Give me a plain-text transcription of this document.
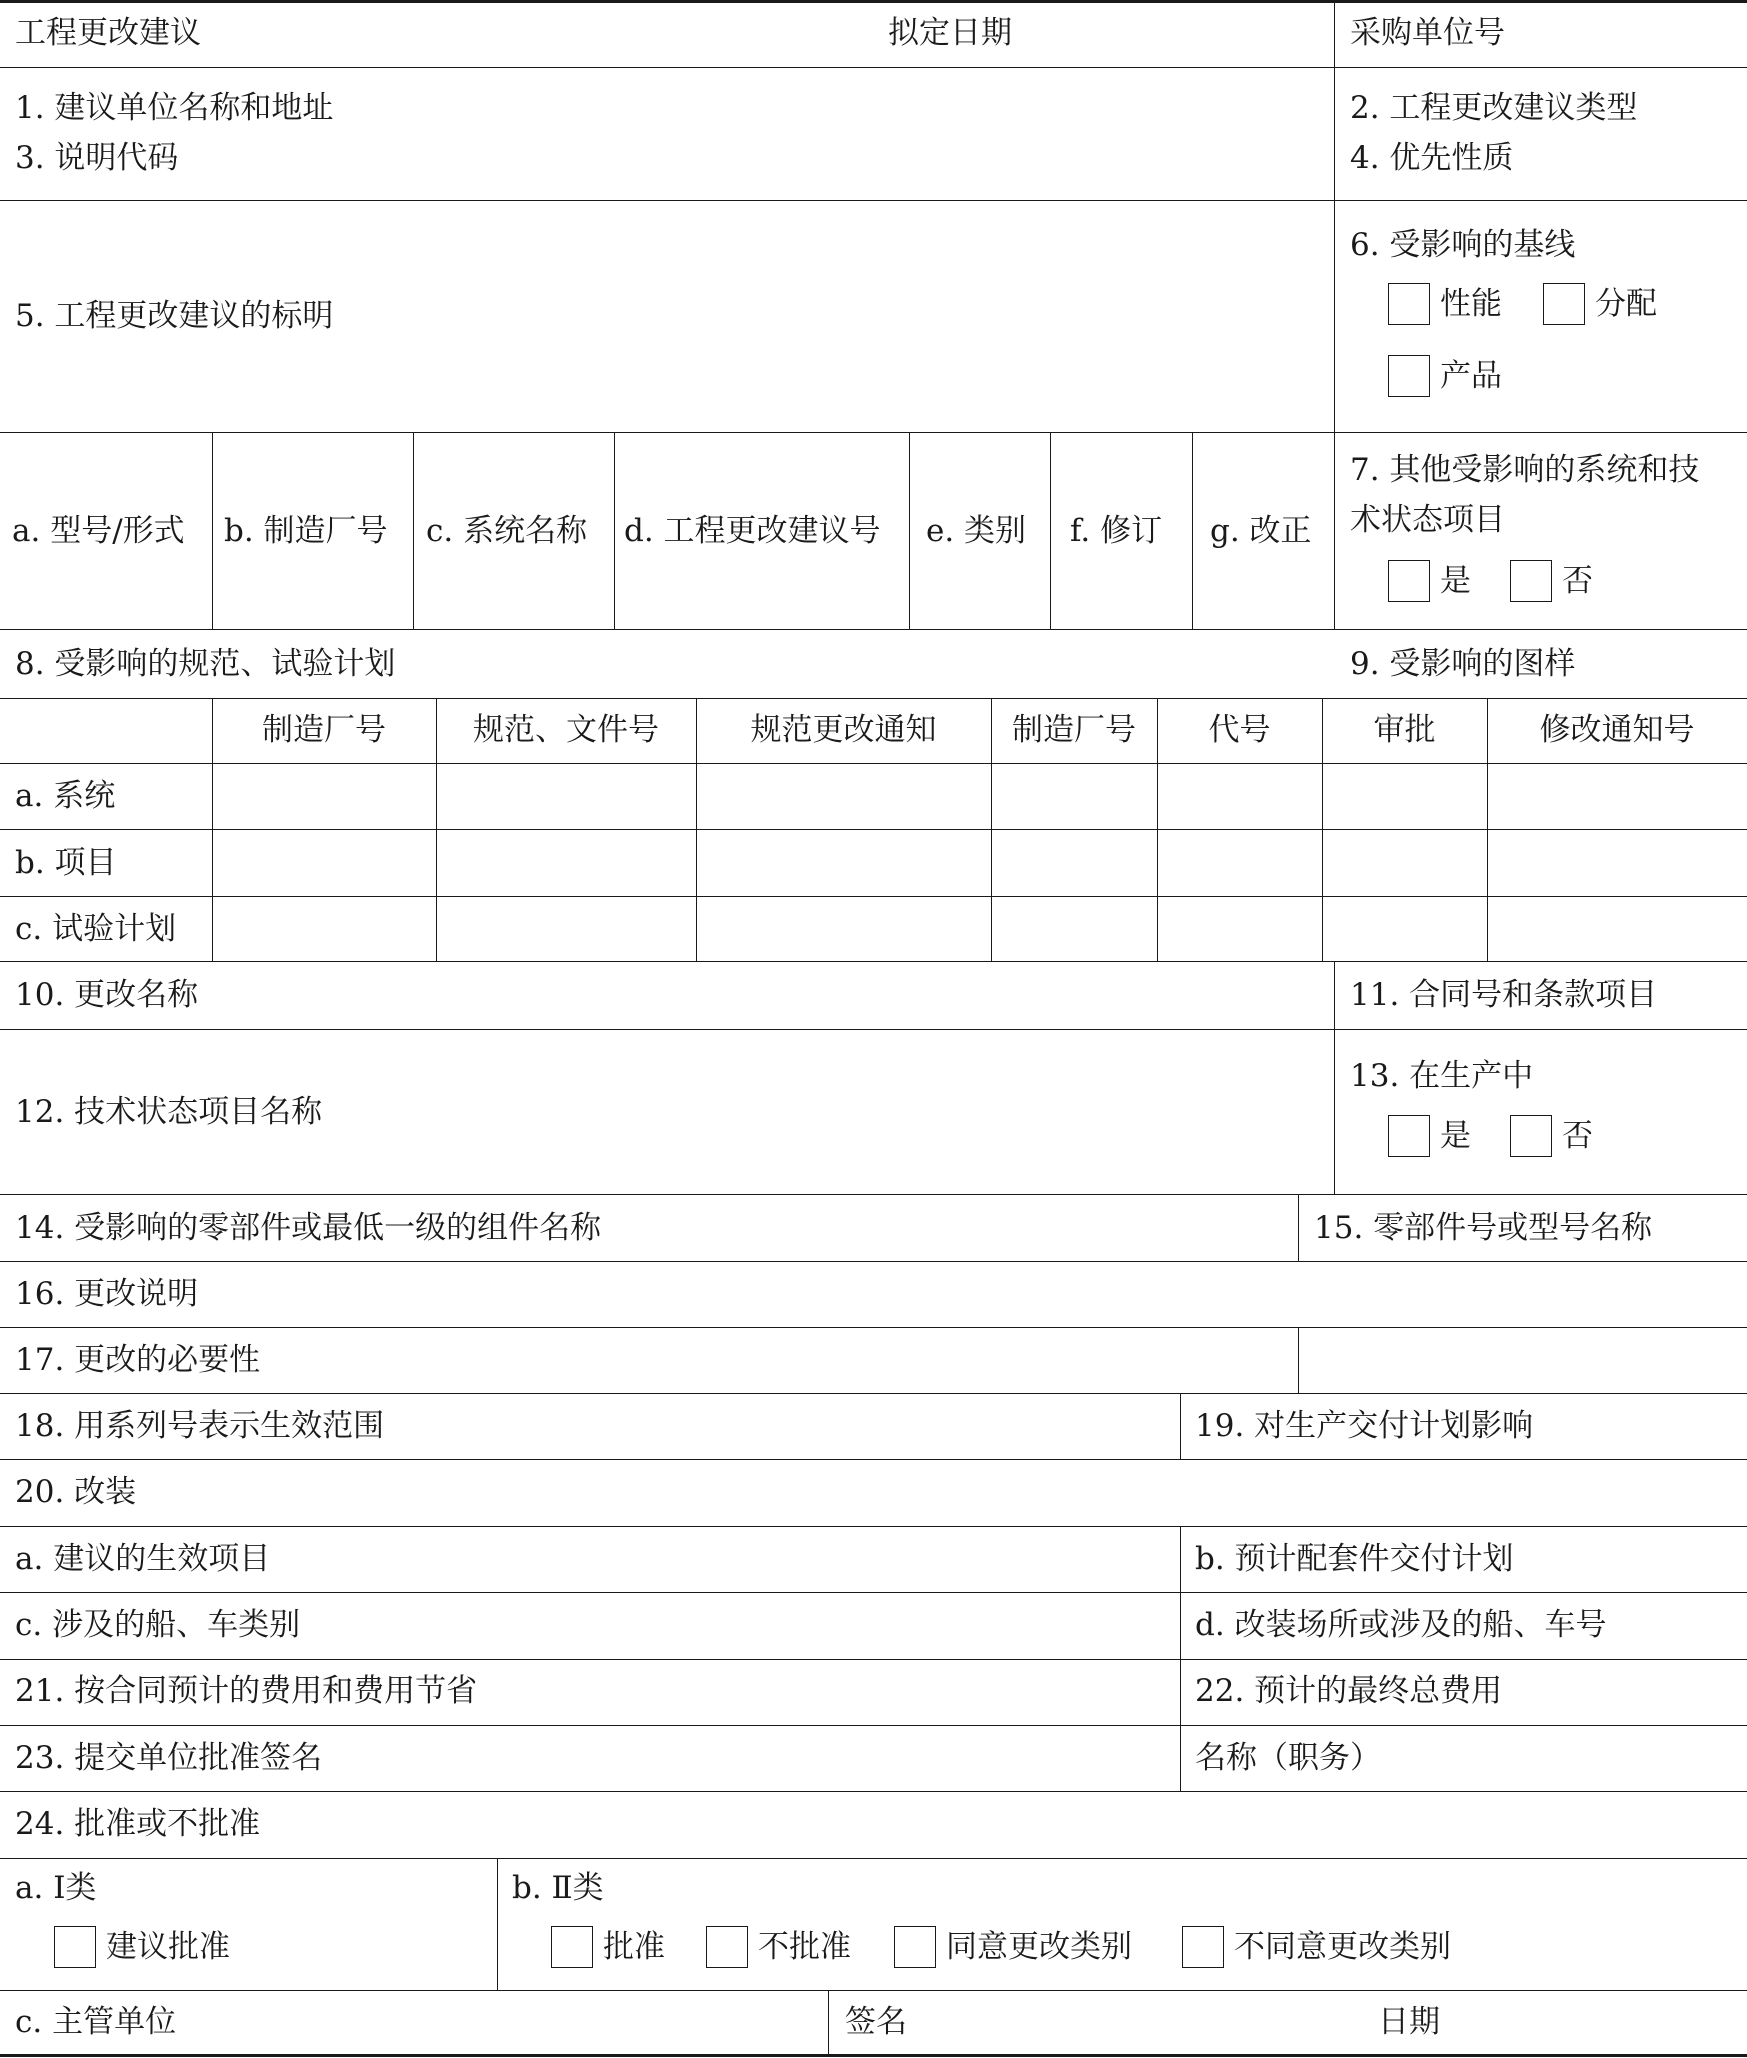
工程更改建议	拟定日期	采购单位号
1. 建议单位名称和地址
3. 说明代码
2. 工程更改建议类型
4. 优先性质
5. 工程更改建议的标明
6. 受影响的基线
性能	分配
产品
a. 型号/形式 b. 制造厂号 c. 系统名称 d. 工程更改建议号 e. 类别 f. 修订 g. 改正
7. 其他受影响的系统和技
术状态项目
是	否
8. 受影响的规范、试验计划	9. 受影响的图样
制造厂号	规范、文件号	规范更改通知	制造厂号	代号	审批	修改通知号
a. 系统
b. 项目
c. 试验计划
10. 更改名称	11. 合同号和条款项目
12. 技术状态项目名称
13. 在生产中
是	否
14. 受影响的零部件或最低一级的组件名称	15. 零部件号或型号名称
16. 更改说明
17. 更改的必要性
18. 用系列号表示生效范围	19. 对生产交付计划影响
20. 改装
a. 建议的生效项目	b. 预计配套件交付计划
c. 涉及的船、车类别	d. 改装场所或涉及的船、车号
21. 按合同预计的费用和费用节省	22. 预计的最终总费用
23. 提交单位批准签名	名称（职务）
24. 批准或不批准
a. Ⅰ类
建议批准
b. Ⅱ类
批准	不批准	同意更改类别	不同意更改类别
c. 主管单位	签名	日期
